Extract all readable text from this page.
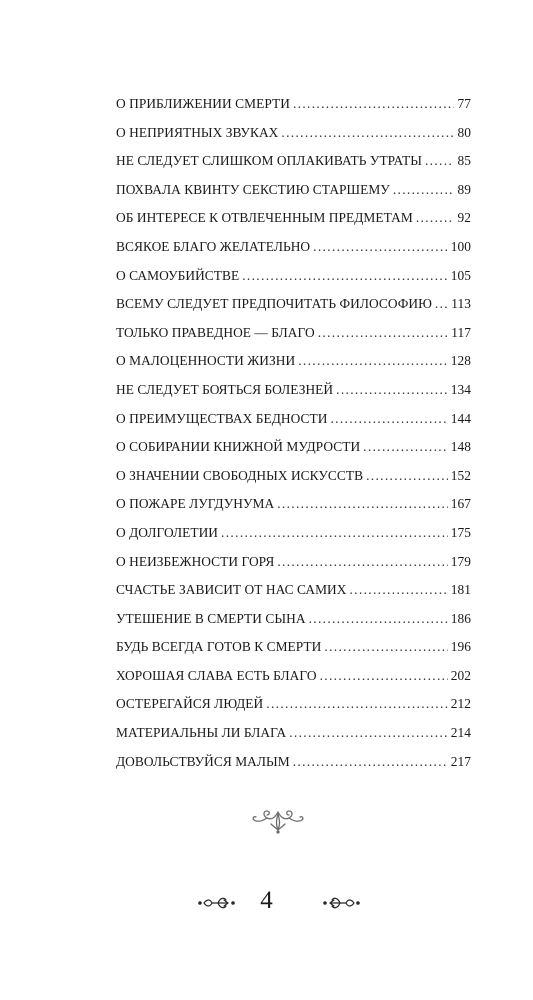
О ПРИБЛИЖЕНИИ СМЕРТИ . . .	77
О НЕПРИЯТНЫХ ЗВУКАХ . . .	80
НЕ СЛЕДУЕТ СЛИШКОМ ОПЛАКИВАТЬ УТРАТЫ . . .	85
ПОХВАЛА КВИНТУ СЕКСТИЮ СТАРШЕМУ . . .	89
ОБ ИНТЕРЕСЕ К ОТВЛЕЧЕННЫМ ПРЕДМЕТАМ . . .	92
ВСЯКОЕ БЛАГО ЖЕЛАТЕЛЬНО . . .	100
О САМОУБИЙСТВЕ . . .	105
ВСЕМУ СЛЕДУЕТ ПРЕДПОЧИТАТЬ ФИЛОСОФИЮ . . . 113
ТОЛЬКО ПРАВЕДНОЕ — БЛАГО . . .	117
О МАЛОЦЕННОСТИ ЖИЗНИ . . .	128
НЕ СЛЕДУЕТ БОЯТЬСЯ БОЛЕЗНЕЙ . . .	134
О ПРЕИМУЩЕСТВАХ БЕДНОСТИ . . .	144
О СОБИРАНИИ КНИЖНОЙ МУДРОСТИ . . .	148
О ЗНАЧЕНИИ СВОБОДНЫХ ИСКУССТВ . . .	152
О ПОЖАРЕ ЛУГДУНУМА . . .	167
О ДОЛГОЛЕТИИ . . .	175
О НЕИЗБЕЖНОСТИ ГОРЯ . . .	179
СЧАСТЬЕ ЗАВИСИТ ОТ НАС САМИХ . . .	181
УТЕШЕНИЕ В СМЕРТИ СЫНА . . .	186
БУДЬ ВСЕГДА ГОТОВ К СМЕРТИ . . .	196
ХОРОШАЯ СЛАВА ЕСТЬ БЛАГО . . .	202
ОСТЕРЕГАЙСЯ ЛЮДЕЙ . . .	212
МАТЕРИАЛЬНЫ ЛИ БЛАГА . . .	214
ДОВОЛЬСТВУЙСЯ МАЛЫМ . . .	217
4
